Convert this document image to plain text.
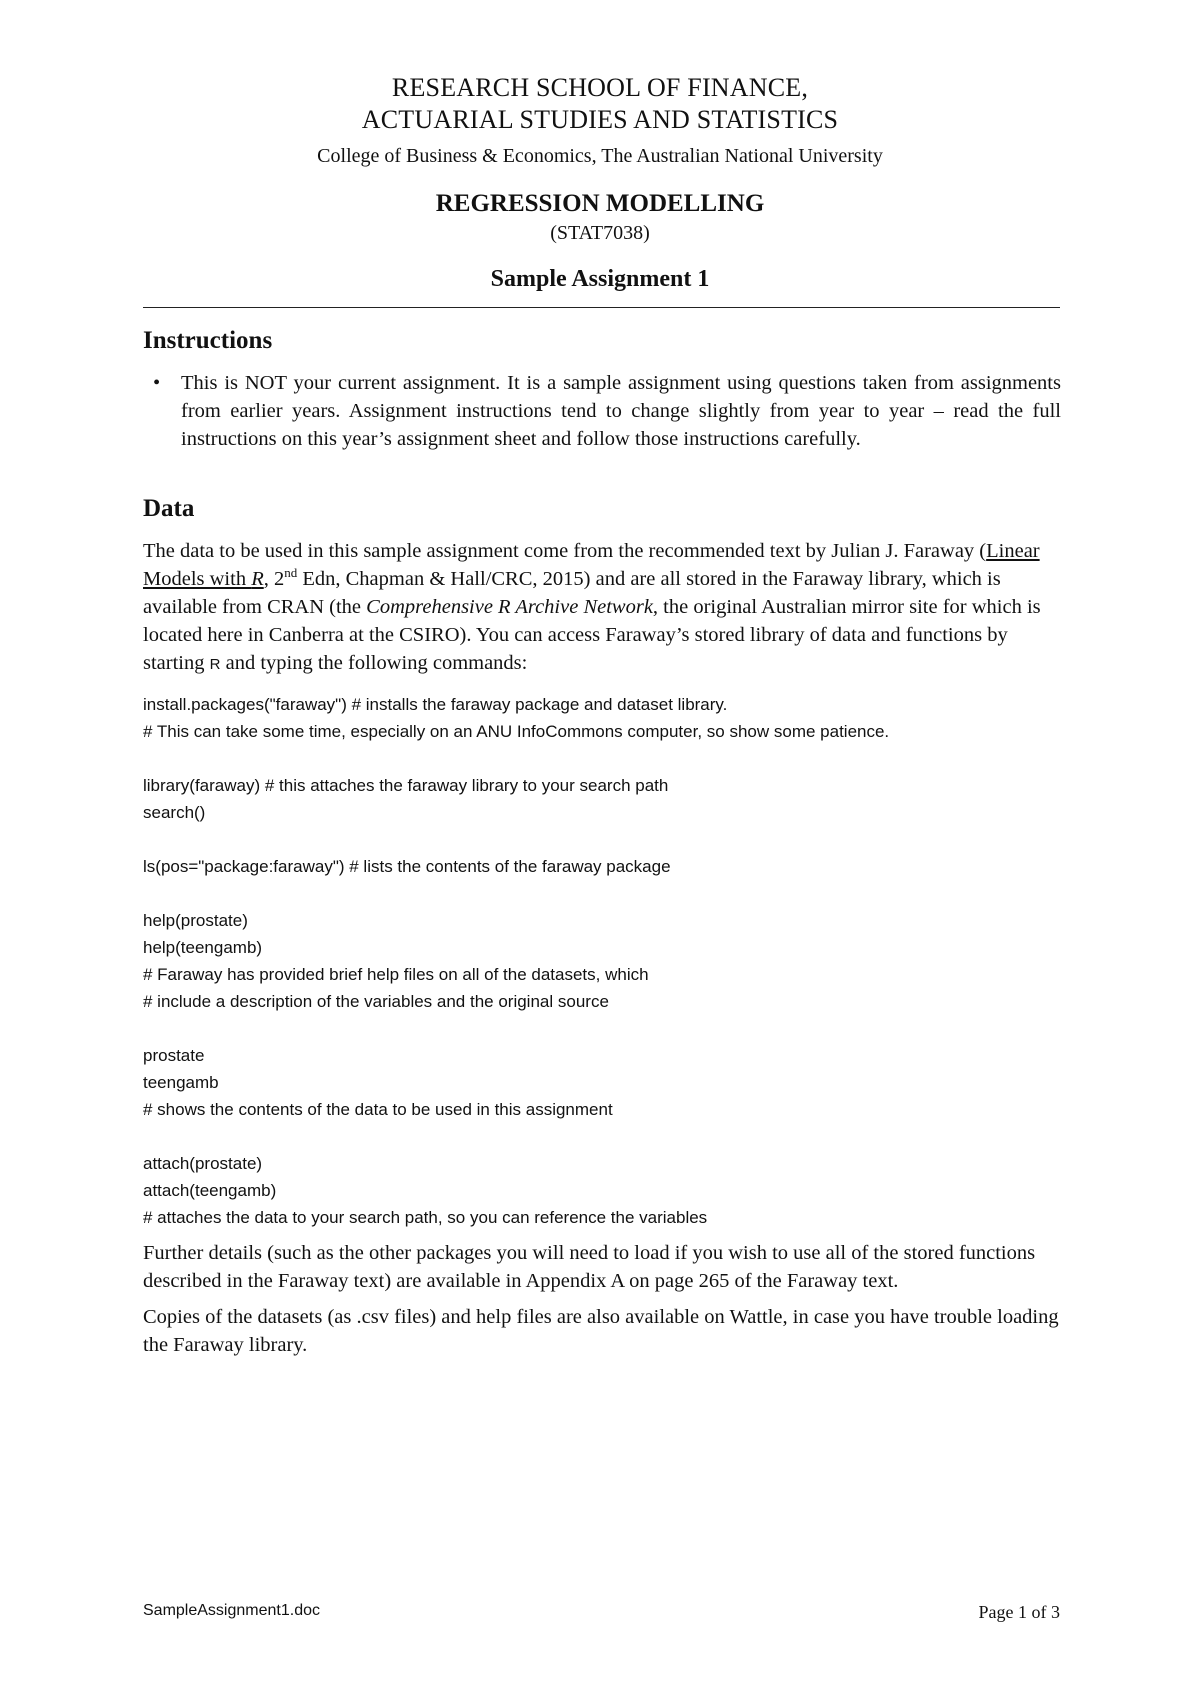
RESEARCH SCHOOL OF FINANCE,
ACTUARIAL STUDIES AND STATISTICS
College of Business & Economics, The Australian National University
REGRESSION MODELLING
(STAT7038)
Sample Assignment 1
Instructions
• This is NOT your current assignment. It is a sample assignment using questions taken from assignments from earlier years. Assignment instructions tend to change slightly from year to year – read the full instructions on this year’s assignment sheet and follow those instructions carefully.
Data

The data to be used in this sample assignment come from the recommended text by Julian J. Faraway (Linear Models with R, 2nd Edn, Chapman & Hall/CRC, 2015) and are all stored in the Faraway library, which is available from CRAN (the Comprehensive R Archive Network, the original Australian mirror site for which is located here in Canberra at the CSIRO). You can access Faraway’s stored library of data and functions by starting R and typing the following commands:

install.packages("faraway") # installs the faraway package and dataset library.
# This can take some time, especially on an ANU InfoCommons computer, so show some patience.
library(faraway) # this attaches the faraway library to your search path
search()
ls(pos="package:faraway") # lists the contents of the faraway package
help(prostate)
help(teengamb)
# Faraway has provided brief help files on all of the datasets, which
# include a description of the variables and the original source
prostate
teengamb
# shows the contents of the data to be used in this assignment
attach(prostate)
attach(teengamb)
# attaches the data to your search path, so you can reference the variables

Further details (such as the other packages you will need to load if you wish to use all of the stored functions described in the Faraway text) are available in Appendix A on page 265 of the Faraway text.

Copies of the datasets (as .csv files) and help files are also available on Wattle, in case you have trouble loading the Faraway library.

SampleAssignment1.doc	Page 1 of 3
